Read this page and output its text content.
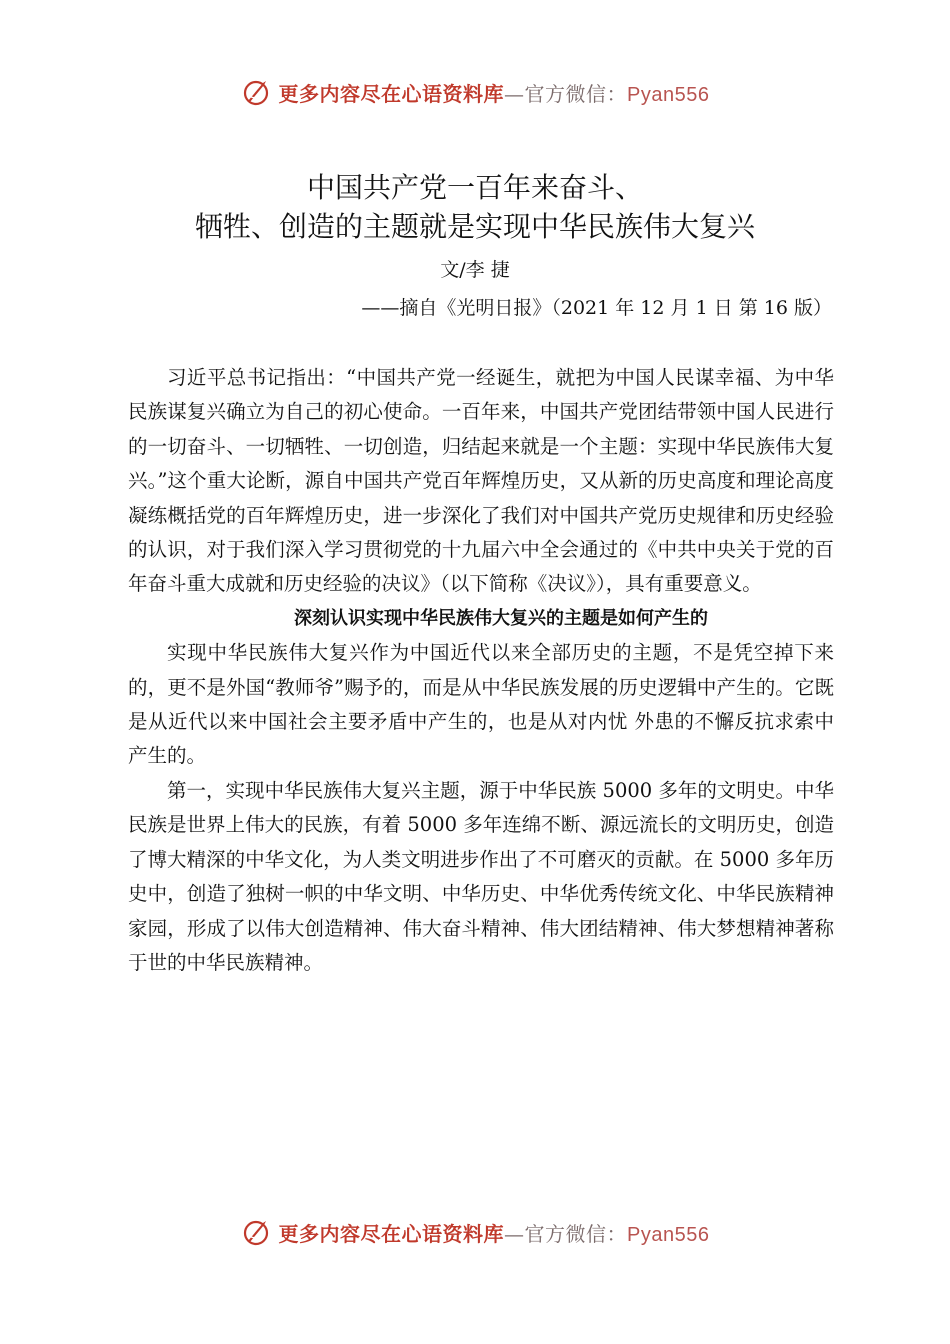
更多内容尽在心语资料库—官方微信：Pyan556
中国共产党一百年来奋斗、
牺牲、创造的主题就是实现中华民族伟大复兴
文/李 捷
——摘自《光明日报》（2021 年 12 月 1 日 第 16 版）

习近平总书记指出：“中国共产党一经诞生，就把为中国人民谋幸福、为中华民族谋复兴确立为自己的初心使命。一百年来，中国共产党团结带领中国人民进行的一切奋斗、一切牺牲、一切创造，归结起来就是一个主题：实现中华民族伟大复兴。”这个重大论断，源自中国共产党百年辉煌历史，又从新的历史高度和理论高度凝练概括党的百年辉煌历史，进一步深化了我们对中国共产党历史规律和历史经验的认识，对于我们深入学习贯彻党的十九届六中全会通过的《中共中央关于党的百年奋斗重大成就和历史经验的决议》（以下简称《决议》），具有重要意义。

深刻认识实现中华民族伟大复兴的主题是如何产生的

实现中华民族伟大复兴作为中国近代以来全部历史的主题，不是凭空掉下来的，更不是外国“教师爷”赐予的，而是从中华民族发展的历史逻辑中产生的。它既是从近代以来中国社会主要矛盾中产生的，也是从对内忧 外患的不懈反抗求索中产生的。

第一，实现中华民族伟大复兴主题，源于中华民族 5000 多年的文明史。中华民族是世界上伟大的民族，有着 5000 多年连绵不断、源远流长的文明历史，创造了博大精深的中华文化，为人类文明进步作出了不可磨灭的贡献。在 5000 多年历史中，创造了独树一帜的中华文明、中华历史、中华优秀传统文化、中华民族精神家园，形成了以伟大创造精神、伟大奋斗精神、伟大团结精神、伟大梦想精神著称于世的中华民族精神。

更多内容尽在心语资料库—官方微信：Pyan556
